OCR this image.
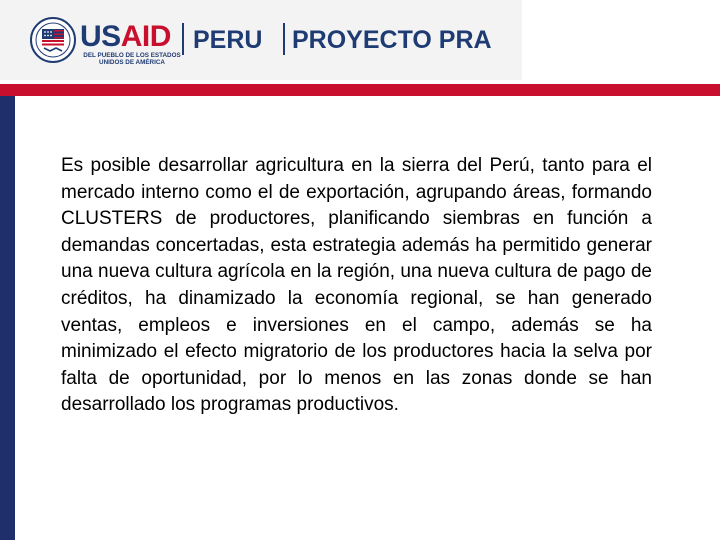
USAID
DEL PUEBLO DE LOS ESTADOS UNIDOS DE AMÉRICA
PERU PROYECTO PRA
Es posible desarrollar agricultura en la sierra del Perú, tanto para el mercado interno como el de exportación, agrupando áreas, formando CLUSTERS de productores, planificando siembras en función a demandas concertadas, esta estrategia además ha permitido generar una nueva cultura agrícola en la región, una nueva cultura de pago de créditos, ha dinamizado la economía regional, se han generado ventas, empleos e inversiones en el campo, además se ha minimizado el efecto migratorio de los productores hacia la selva por falta de oportunidad, por lo menos en las zonas donde se han desarrollado los programas productivos.
